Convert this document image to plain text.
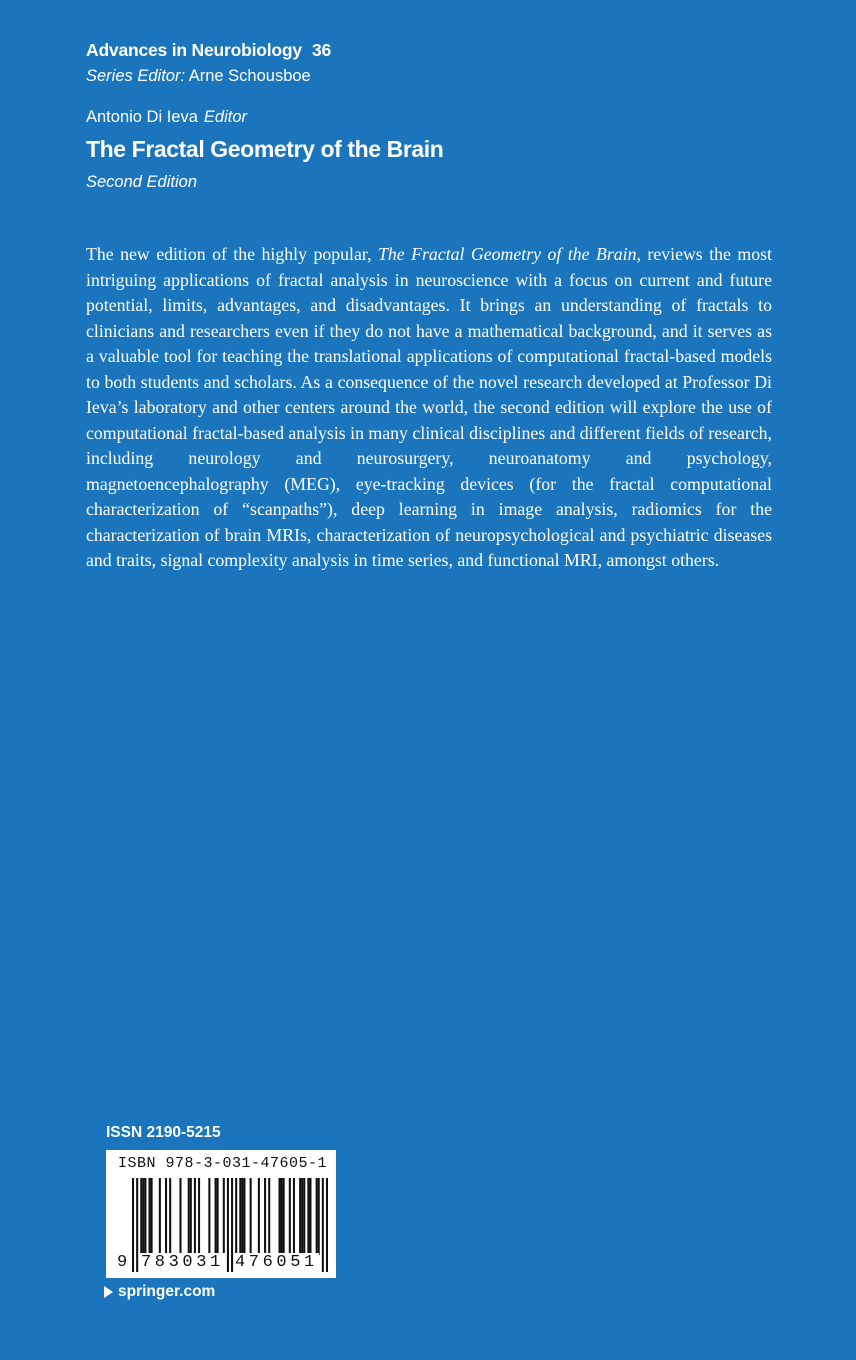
Advances in Neurobiology 36
Series Editor: Arne Schousboe
Antonio Di Ieva Editor
The Fractal Geometry of the Brain
Second Edition

The new edition of the highly popular, The Fractal Geometry of the Brain, reviews the most intriguing applications of fractal analysis in neuroscience with a focus on current and future potential, limits, advantages, and disadvantages. It brings an understanding of fractals to clinicians and researchers even if they do not have a mathematical background, and it serves as a valuable tool for teaching the translational applications of computational fractal-based models to both students and scholars. As a consequence of the novel research developed at Professor Di Ieva’s laboratory and other centers around the world, the second edition will explore the use of computational fractal-based analysis in many clinical disciplines and different fields of research, including neurology and neurosurgery, neuroanatomy and psychology, magnetoencephalography (MEG), eye-tracking devices (for the fractal computational characterization of “scanpaths”), deep learning in image analysis, radiomics for the characterization of brain MRIs, characterization of neuropsychological and psychiatric diseases and traits, signal complexity analysis in time series, and functional MRI, amongst others.

ISSN 2190-5215
ISBN 978-3-031-47605-1
9 783031 476051
springer.com
